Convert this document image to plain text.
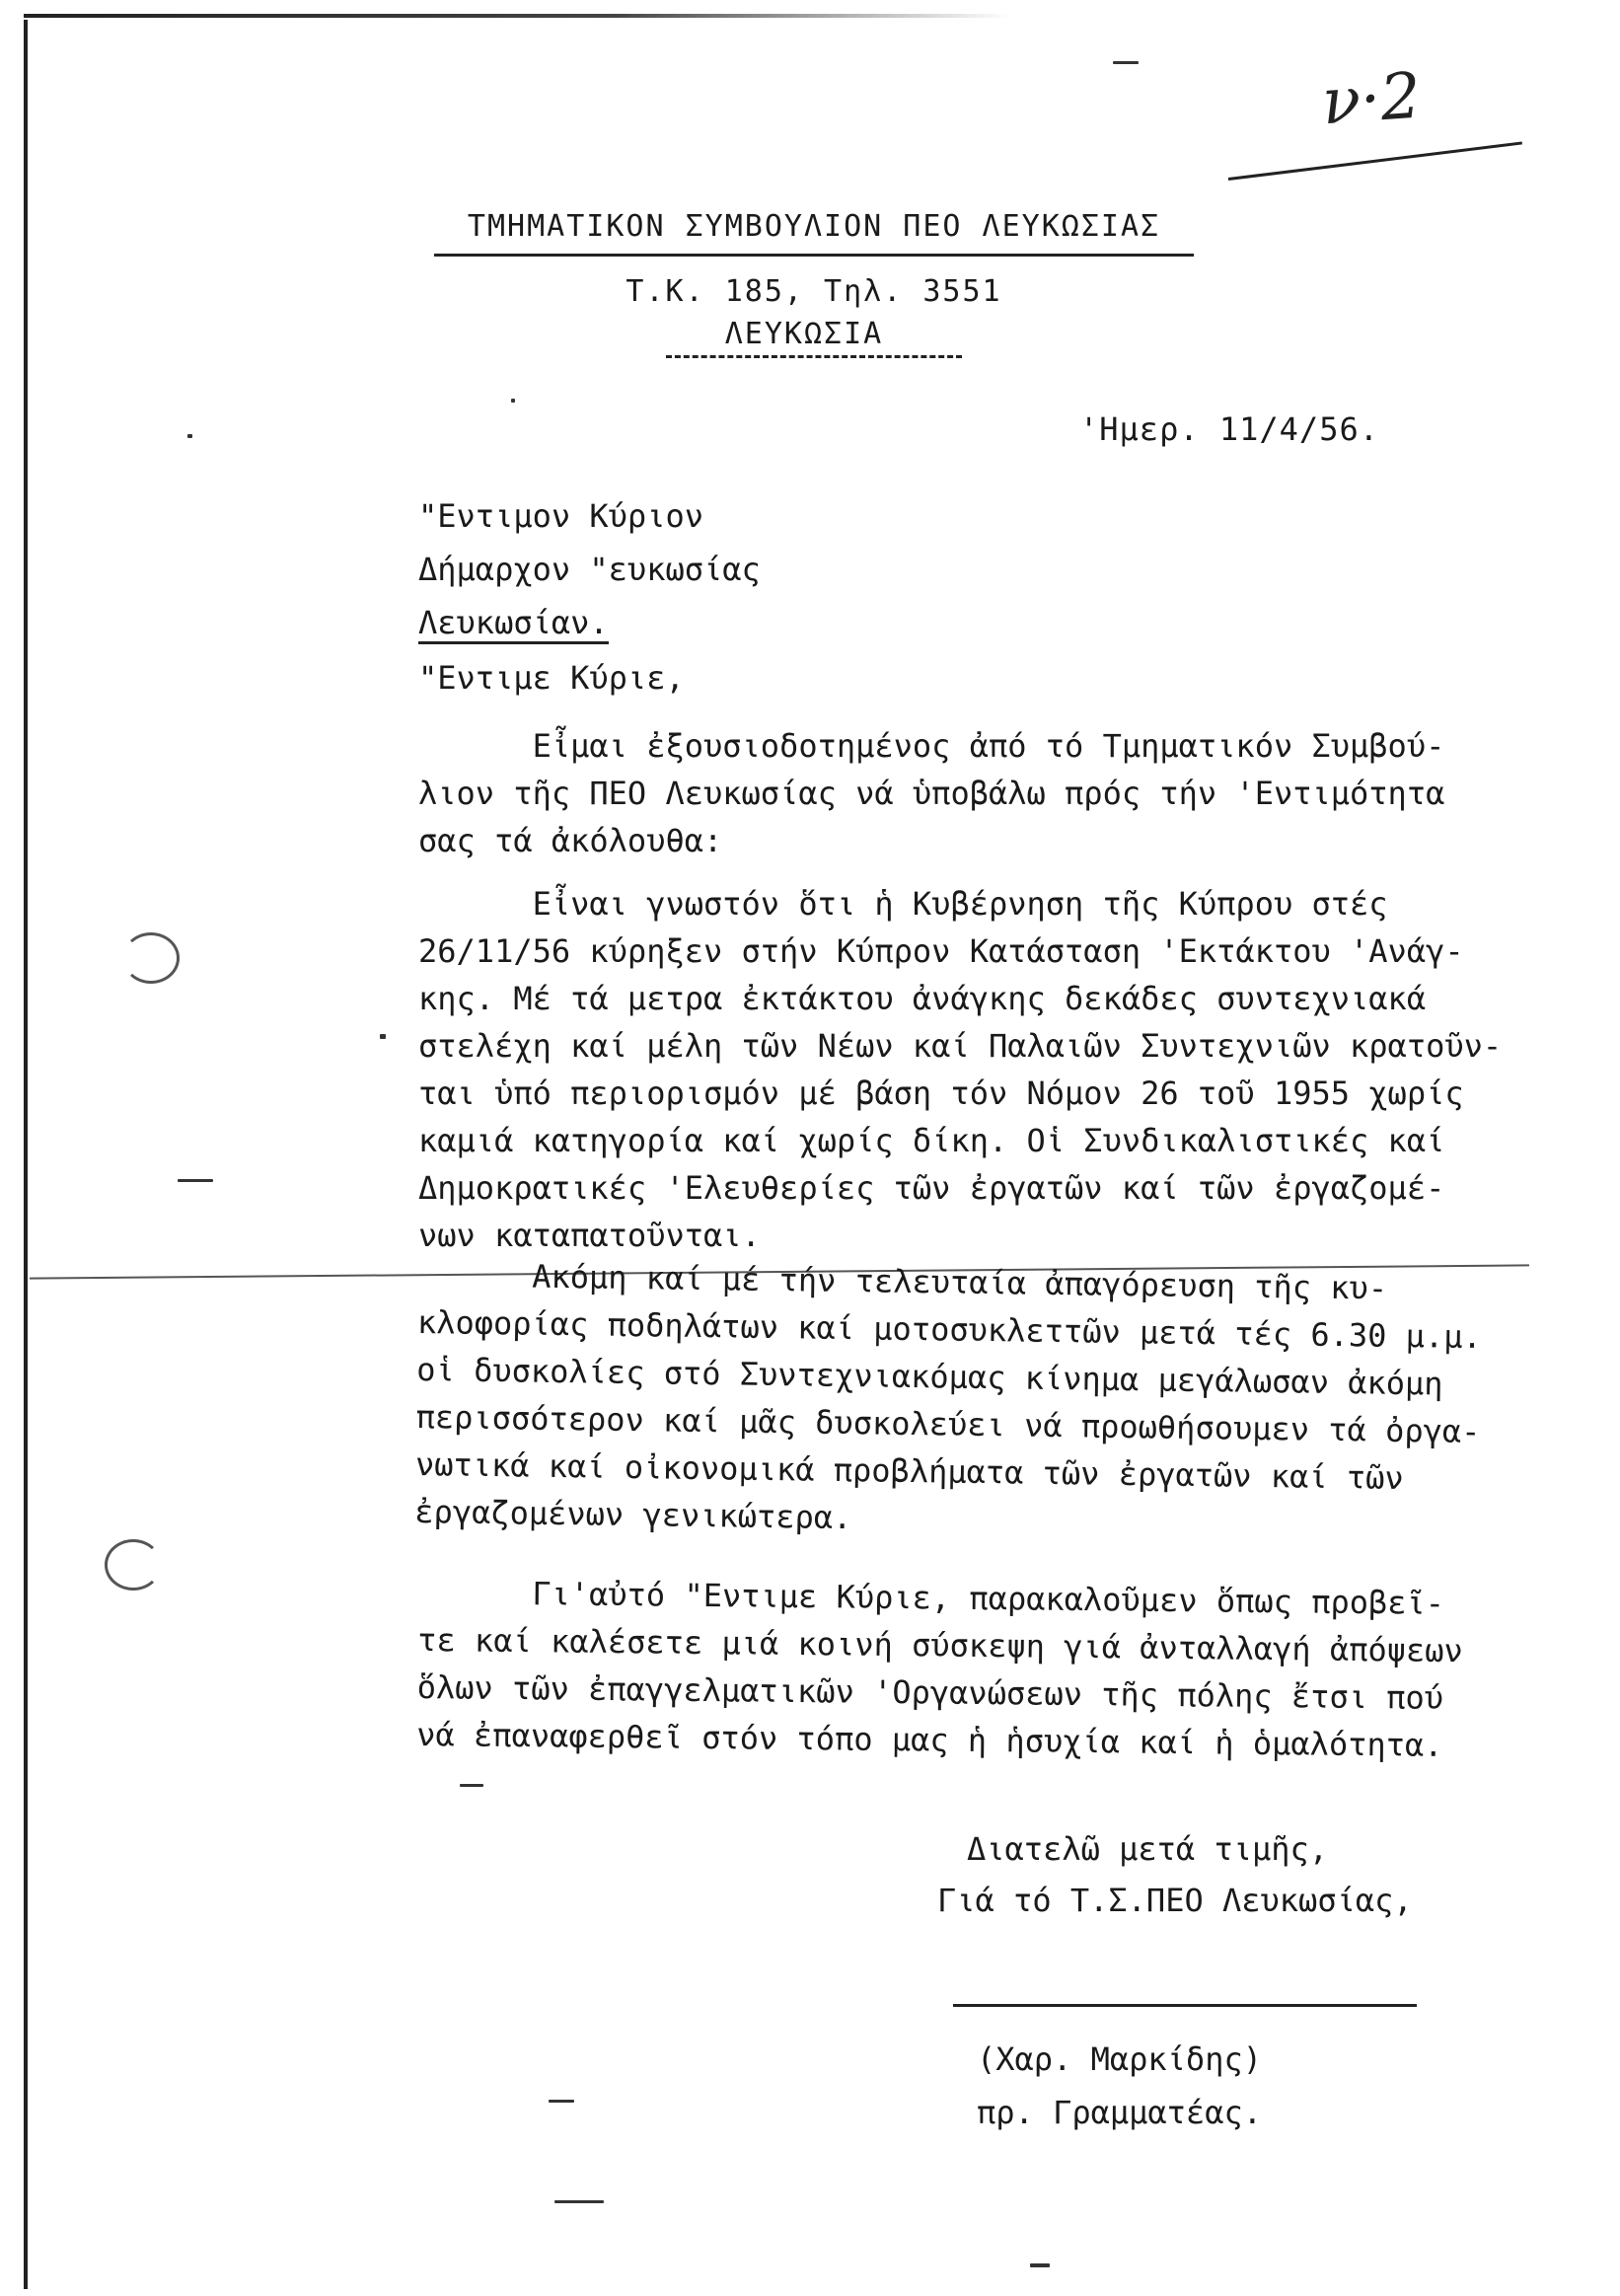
ν·2
ΤΜΗΜΑΤΙΚΟΝ ΣΥΜΒΟΥΛΙΟΝ ΠΕΟ ΛΕΥΚΩΣΙΑΣ
Τ.Κ. 185, Τηλ. 3551
ΛΕΥΚΩΣΙΑ
'Ημερ. 11/4/56.
"Εντιμον Κύριον
Δήμαρχον "ευκωσίας
Λευκωσίαν.
"Εντιμε Κύριε,

Εἶμαι ἐξουσιοδοτημένος ἀπό τό Τμηματικόν Συμβού-

λιον τῆς ΠΕΟ Λευκωσίας νά ὑποβάλω πρός τήν 'Εντιμότητα

σας τά ἀκόλουθα:

Εἶναι γνωστόν ὅτι ἡ Κυβέρνηση τῆς Κύπρου στές

26/11/56 κύρηξεν στήν Κύπρον Κατάσταση 'Εκτάκτου 'Ανάγ-

κης. Μέ τά μετρα ἐκτάκτου ἀνάγκης δεκάδες συντεχνιακά

στελέχη καί μέλη τῶν Νέων καί Παλαιῶν Συντεχνιῶν κρατοῦν-

ται ὑπό περιορισμόν μέ βάση τόν Νόμον 26 τοῦ 1955 χωρίς

καμιά κατηγορία καί χωρίς δίκη. Οἱ Συνδικαλιστικές καί

Δημοκρατικές 'Ελευθερίες τῶν ἐργατῶν καί τῶν ἐργαζομέ-

νων καταπατοῦνται.

Ακόμη καί μέ τήν τελευταία ἀπαγόρευση τῆς κυ-

κλοφορίας ποδηλάτων καί μοτοσυκλεττῶν μετά τές 6.30 μ.μ.

οἱ δυσκολίες στό Συντεχνιακόμας κίνημα μεγάλωσαν ἀκόμη

περισσότερον καί μᾶς δυσκολεύει νά προωθήσουμεν τά ὀργα-

νωτικά καί οἰκονομικά προβλήματα τῶν ἐργατῶν καί τῶν

ἐργαζομένων γενικώτερα.

Γι'αὐτό "Εντιμε Κύριε, παρακαλοῦμεν ὅπως προβεῖ-

τε καί καλέσετε μιά κοινή σύσκεψη γιά ἀνταλλαγή ἀπόψεων

ὅλων τῶν ἐπαγγελματικῶν 'Οργανώσεων τῆς πόλης ἔτσι πού

νά ἐπαναφερθεῖ στόν τόπο μας ἡ ἡσυχία καί ἡ ὁμαλότητα.

Διατελῶ μετά τιμῆς,
Γιά τό Τ.Σ.ΠΕΟ Λευκωσίας,
(Χαρ. Μαρκίδης)
πρ. Γραμματέας.
